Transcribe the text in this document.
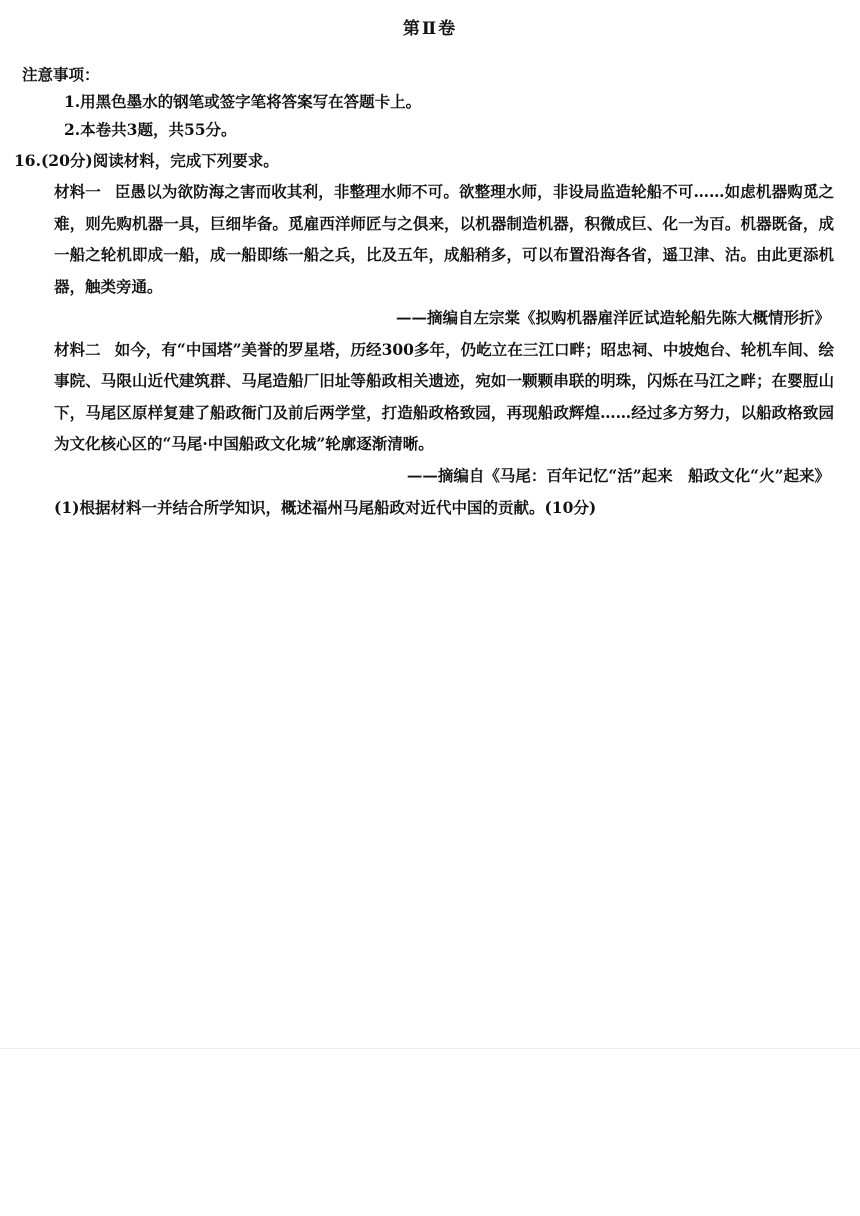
第Ⅱ卷
注意事项：
1.用黑色墨水的钢笔或签字笔将答案写在答题卡上。
2.本卷共3题，共55分。
16.(20分)阅读材料，完成下列要求。
材料一 臣愚以为欲防海之害而收其利，非整理水师不可。欲整理水师，非设局监造轮船不可……如虑机器购觅之难，则先购机器一具，巨细毕备。觅雇西洋师匠与之俱来，以机器制造机器，积微成巨、化一为百。机器既备，成一船之轮机即成一船，成一船即练一船之兵，比及五年，成船稍多，可以布置沿海各省，遥卫津、沽。由此更添机器，触类旁通。
——摘编自左宗棠《拟购机器雇洋匠试造轮船先陈大概情形折》
材料二 如今，有“中国塔”美誉的罗星塔，历经300多年，仍屹立在三江口畔；昭忠祠、中坡炮台、轮机车间、绘事院、马限山近代建筑群、马尾造船厂旧址等船政相关遗迹，宛如一颗颗串联的明珠，闪烁在马江之畔；在婴脰山下，马尾区原样复建了船政衙门及前后两学堂，打造船政格致园，再现船政辉煌……经过多方努力，以船政格致园为文化核心区的“马尾·中国船政文化城”轮廓逐渐清晰。
——摘编自《马尾：百年记忆“活”起来　船政文化“火”起来》
(1)根据材料一并结合所学知识，概述福州马尾船政对近代中国的贡献。(10分)
